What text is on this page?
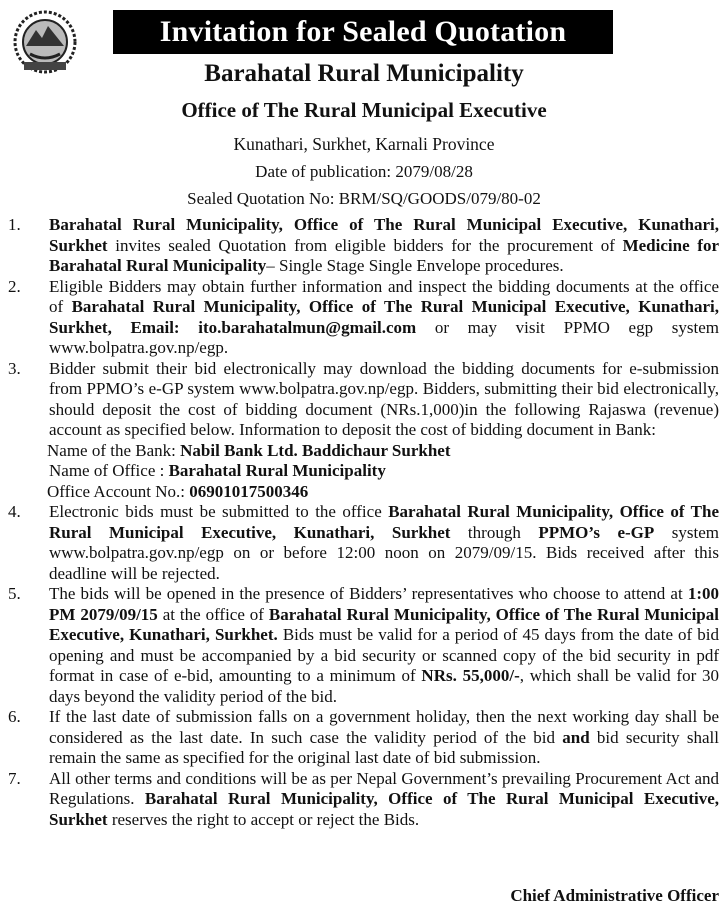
Invitation for Sealed Quotation
Barahatal Rural Municipality
Office of The Rural Municipal Executive
Kunathari, Surkhet, Karnali Province
Date of publication: 2079/08/28
Sealed Quotation No: BRM/SQ/GOODS/079/80-02
1. Barahatal Rural Municipality, Office of The Rural Municipal Executive, Kunathari, Surkhet invites sealed Quotation from eligible bidders for the procurement of Medicine for Barahatal Rural Municipality– Single Stage Single Envelope procedures.
2. Eligible Bidders may obtain further information and inspect the bidding documents at the office of Barahatal Rural Municipality, Office of The Rural Municipal Executive, Kunathari, Surkhet, Email: ito.barahatalmun@gmail.com or may visit PPMO egp system www.bolpatra.gov.np/egp.
3. Bidder submit their bid electronically may download the bidding documents for e-submission from PPMO’s e-GP system www.bolpatra.gov.np/egp. Bidders, submitting their bid electronically, should deposit the cost of bidding document (NRs.1,000)in the following Rajaswa (revenue) account as specified below. Information to deposit the cost of bidding document in Bank:
Name of the Bank: Nabil Bank Ltd. Baddichaur Surkhet
Name of Office : Barahatal Rural Municipality
Office Account No.: 06901017500346
4. Electronic bids must be submitted to the office Barahatal Rural Municipality, Office of The Rural Municipal Executive, Kunathari, Surkhet through PPMO’s e-GP system www.bolpatra.gov.np/egp on or before 12:00 noon on 2079/09/15. Bids received after this deadline will be rejected.
5. The bids will be opened in the presence of Bidders’ representatives who choose to attend at 1:00 PM 2079/09/15 at the office of Barahatal Rural Municipality, Office of The Rural Municipal Executive, Kunathari, Surkhet. Bids must be valid for a period of 45 days from the date of bid opening and must be accompanied by a bid security or scanned copy of the bid security in pdf format in case of e-bid, amounting to a minimum of NRs. 55,000/-, which shall be valid for 30 days beyond the validity period of the bid.
6. If the last date of submission falls on a government holiday, then the next working day shall be considered as the last date. In such case the validity period of the bid and bid security shall remain the same as specified for the original last date of bid submission.
7. All other terms and conditions will be as per Nepal Government’s prevailing Procurement Act and Regulations. Barahatal Rural Municipality, Office of The Rural Municipal Executive, Surkhet reserves the right to accept or reject the Bids.
Chief Administrative Officer
